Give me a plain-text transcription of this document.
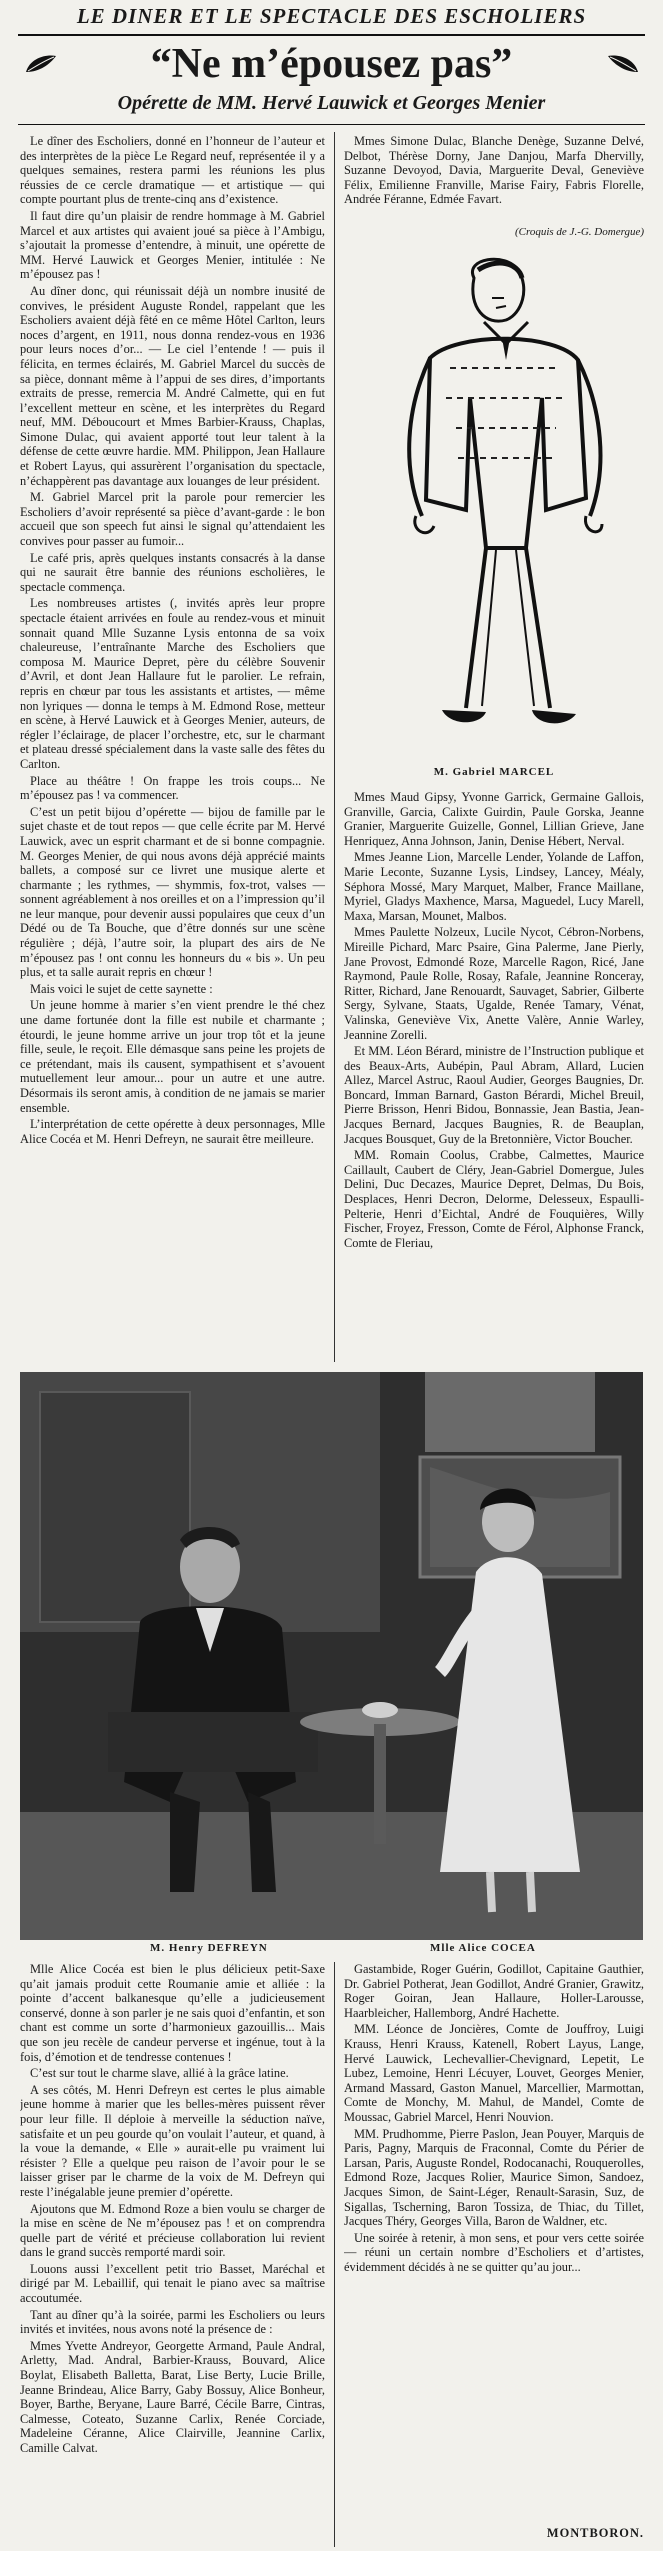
LE DINER ET LE SPECTACLE DES ESCHOLIERS
“Ne m’épousez pas”
Opérette de MM. Hervé Lauwick et Georges Menier

Le dîner des Escholiers, donné en l’honneur de l’auteur et des interprètes de la pièce Le Regard neuf, représentée il y a quelques semaines, restera parmi les réunions les plus réussies de ce cercle dramatique — et artistique — qui compte pourtant plus de trente-cinq ans d’existence.

Il faut dire qu’un plaisir de rendre hommage à M. Gabriel Marcel et aux artistes qui avaient joué sa pièce à l’Ambigu, s’ajoutait la promesse d’entendre, à minuit, une opérette de MM. Hervé Lauwick et Georges Menier, intitulée : Ne m’épousez pas !

Au dîner donc, qui réunissait déjà un nombre inusité de convives, le président Auguste Rondel, rappelant que les Escholiers avaient déjà fêté en ce même Hôtel Carlton, leurs noces d’argent, en 1911, nous donna rendez-vous en 1936 pour leurs noces d’or... — Le ciel l’entende ! — puis il félicita, en termes éclairés, M. Gabriel Marcel du succès de sa pièce, donnant même à l’appui de ses dires, d’importants extraits de presse, remercia M. André Calmette, qui en fut l’excellent metteur en scène, et les interprètes du Regard neuf, MM. Déboucourt et Mmes Barbier-Krauss, Chaplas, Simone Dulac, qui avaient apporté tout leur talent à la défense de cette œuvre hardie. MM. Philippon, Jean Hallaure et Robert Layus, qui assurèrent l’organisation du spectacle, n’échappèrent pas davantage aux louanges de leur président.

M. Gabriel Marcel prit la parole pour remercier les Escholiers d’avoir représenté sa pièce d’avant-garde : le bon accueil que son speech fut ainsi le signal qu’attendaient les convives pour passer au fumoir...

Le café pris, après quelques instants consacrés à la danse qui ne saurait être bannie des réunions escholières, le spectacle commença.

Les nombreuses artistes (, invités après leur propre spectacle étaient arrivées en foule au rendez-vous et minuit sonnait quand Mlle Suzanne Lysis entonna de sa voix chaleureuse, l’entraînante Marche des Escholiers que composa M. Maurice Depret, père du célèbre Souvenir d’Avril, et dont Jean Hallaure fut le parolier. Le refrain, repris en chœur par tous les assistants et artistes, — même non lyriques — donna le temps à M. Edmond Rose, metteur en scène, à Hervé Lauwick et à Georges Menier, auteurs, de régler l’éclairage, de placer l’orchestre, etc, sur le charmant et plateau dressé spécialement dans la vaste salle des fêtes du Carlton.

Place au théâtre ! On frappe les trois coups... Ne m’épousez pas ! va commencer.

C’est un petit bijou d’opérette — bijou de famille par le sujet chaste et de tout repos — que celle écrite par M. Hervé Lauwick, avec un esprit charmant et de si bonne compagnie. M. Georges Menier, de qui nous avons déjà apprécié maints ballets, a composé sur ce livret une musique alerte et charmante ; les rythmes, — shymmis, fox-trot, valses — sonnent agréablement à nos oreilles et on a l’impression qu’il ne leur manque, pour devenir aussi populaires que ceux d’un Dédé ou de Ta Bouche, que d’être donnés sur une scène régulière ; déjà, l’autre soir, la plupart des airs de Ne m’épousez pas ! ont connu les honneurs du « bis ». Un peu plus, et ta salle aurait repris en chœur !

Mais voici le sujet de cette saynette :

Un jeune homme à marier s’en vient prendre le thé chez une dame fortunée dont la fille est nubile et charmante ; étourdi, le jeune homme arrive un jour trop tôt et la jeune fille, seule, le reçoit. Elle démasque sans peine les projets de ce prétendant, mais ils causent, sympathisent et s’avouent mutuellement leur amour... pour un autre et une autre. Désormais ils seront amis, à condition de ne jamais se marier ensemble.

L’interprétation de cette opérette à deux personnages, Mlle Alice Cocéa et M. Henri Defreyn, ne saurait être meilleure.

Mmes Simone Dulac, Blanche Denège, Suzanne Delvé, Delbot, Thérèse Dorny, Jane Danjou, Marfa Dhervilly, Suzanne Devoyod, Davia, Marguerite Deval, Geneviève Félix, Emilienne Franville, Marise Fairy, Fabris Florelle, Andrée Féranne, Edmée Favart.

(Croquis de J.-G. Domergue)
M. Gabriel MARCEL

Mmes Maud Gipsy, Yvonne Garrick, Germaine Gallois, Granville, Garcia, Calixte Guirdin, Paule Gorska, Jeanne Granier, Marguerite Guizelle, Gonnel, Lillian Grieve, Jane Henriquez, Anna Johnson, Janin, Denise Hébert, Nerval.

Mmes Jeanne Lion, Marcelle Lender, Yolande de Laffon, Marie Leconte, Suzanne Lysis, Lindsey, Lancey, Méaly, Séphora Mossé, Mary Marquet, Malber, France Maillane, Myriel, Gladys Maxhence, Marsa, Maguedel, Lucy Marell, Maxa, Marsan, Mounet, Malbos.

Mmes Paulette Nolzeux, Lucile Nycot, Cébron-Norbens, Mireille Pichard, Marc Psaire, Gina Palerme, Jane Pierly, Jane Provost, Edmondé Roze, Marcelle Ragon, Ricé, Jane Raymond, Paule Rolle, Rosay, Rafale, Jeannine Ronceray, Ritter, Richard, Jane Renouardt, Sauvaget, Sabrier, Gilberte Sergy, Sylvane, Staats, Ugalde, Renée Tamary, Vénat, Valinska, Geneviève Vix, Anette Valère, Annie Warley, Jeannine Zorelli.

Et MM. Léon Bérard, ministre de l’Instruction publique et des Beaux-Arts, Aubépin, Paul Abram, Allard, Lucien Allez, Marcel Astruc, Raoul Audier, Georges Baugnies, Dr. Boncard, Imman Barnard, Gaston Bérardi, Michel Breuil, Pierre Brisson, Henri Bidou, Bonnassie, Jean Bastia, Jean-Jacques Bernard, Jacques Baugnies, R. de Beauplan, Jacques Bousquet, Guy de la Bretonnière, Victor Boucher.

MM. Romain Coolus, Crabbe, Calmettes, Maurice Caillault, Caubert de Cléry, Jean-Gabriel Domergue, Jules Delini, Duc Decazes, Maurice Depret, Delmas, Du Bois, Desplaces, Henri Decron, Delorme, Delesseux, Espaulli-Pelterie, Henri d’Eichtal, André de Fouquières, Willy Fischer, Froyez, Fresson, Comte de Férol, Alphonse Franck, Comte de Fleriau,

M. Henry DEFREYN	Mlle Alice COCEA

Mlle Alice Cocéa est bien le plus délicieux petit-Saxe qu’ait jamais produit cette Roumanie amie et alliée : la pointe d’accent balkanesque qu’elle a judicieusement conservé, donne à son parler je ne sais quoi d’enfantin, et son chant est comme un sorte d’harmonieux gazouillis... Mais que son jeu recèle de candeur perverse et ingénue, tout à la fois, d’émotion et de tendresse contenues !

C’est sur tout le charme slave, allié à la grâce latine.

A ses côtés, M. Henri Defreyn est certes le plus aimable jeune homme à marier que les belles-mères puissent rêver pour leur fille. Il déploie à merveille la séduction naïve, satisfaite et un peu gourde qu’on voulait l’auteur, et quand, à la voue la demande, « Elle » aurait-elle pu vraiment lui résister ? Elle a quelque peu raison de l’avoir pour le se laisser griser par le charme de la voix de M. Defreyn qui reste l’inégalable jeune premier d’opérette.

Ajoutons que M. Edmond Roze a bien voulu se charger de la mise en scène de Ne m’épousez pas ! et on comprendra quelle part de vérité et précieuse collaboration lui revient dans le grand succès remporté mardi soir.

Louons aussi l’excellent petit trio Basset, Maréchal et dirigé par M. Lebaillif, qui tenait le piano avec sa maîtrise accoutumée.

Tant au dîner qu’à la soirée, parmi les Escholiers ou leurs invités et invitées, nous avons noté la présence de :

Mmes Yvette Andreyor, Georgette Armand, Paule Andral, Arletty, Mad. Andral, Barbier-Krauss, Bouvard, Alice Boylat, Elisabeth Balletta, Barat, Lise Berty, Lucie Brille, Jeanne Brindeau, Alice Barry, Gaby Bossuy, Alice Bonheur, Boyer, Barthe, Beryane, Laure Barré, Cécile Barre, Cintras, Calmesse, Coteato, Suzanne Carlix, Renée Corciade, Madeleine Céranne, Alice Clairville, Jeannine Carlix, Camille Calvat.

Gastambide, Roger Guérin, Godillot, Capitaine Gauthier, Dr. Gabriel Potherat, Jean Godillot, André Granier, Grawitz, Roger Goiran, Jean Hallaure, Holler-Larousse, Haarbleicher, Hallemborg, André Hachette.

MM. Léonce de Joncières, Comte de Jouffroy, Luigi Krauss, Henri Krauss, Katenell, Robert Layus, Lange, Hervé Lauwick, Lechevallier-Chevignard, Lepetit, Le Lubez, Lemoine, Henri Lécuyer, Louvet, Georges Menier, Armand Massard, Gaston Manuel, Marcellier, Marmottan, Comte de Monchy, M. Mahul, de Mandel, Comte de Moussac, Gabriel Marcel, Henri Nouvion.

MM. Prudhomme, Pierre Paslon, Jean Pouyer, Marquis de Paris, Pagny, Marquis de Fraconnal, Comte du Périer de Larsan, Paris, Auguste Rondel, Rodocanachi, Rouquerolles, Edmond Roze, Jacques Rolier, Maurice Simon, Sandoez, Jacques Simon, de Saint-Léger, Renault-Sarasin, Suz, de Sigallas, Tscherning, Baron Tossiza, de Thiac, du Tillet, Jacques Théry, Georges Villa, Baron de Waldner, etc.

Une soirée à retenir, à mon sens, et pour vers cette soirée — réuni un certain nombre d’Escholiers et d’artistes, évidemment décidés à ne se quitter qu’au jour...

MONTBORON.
